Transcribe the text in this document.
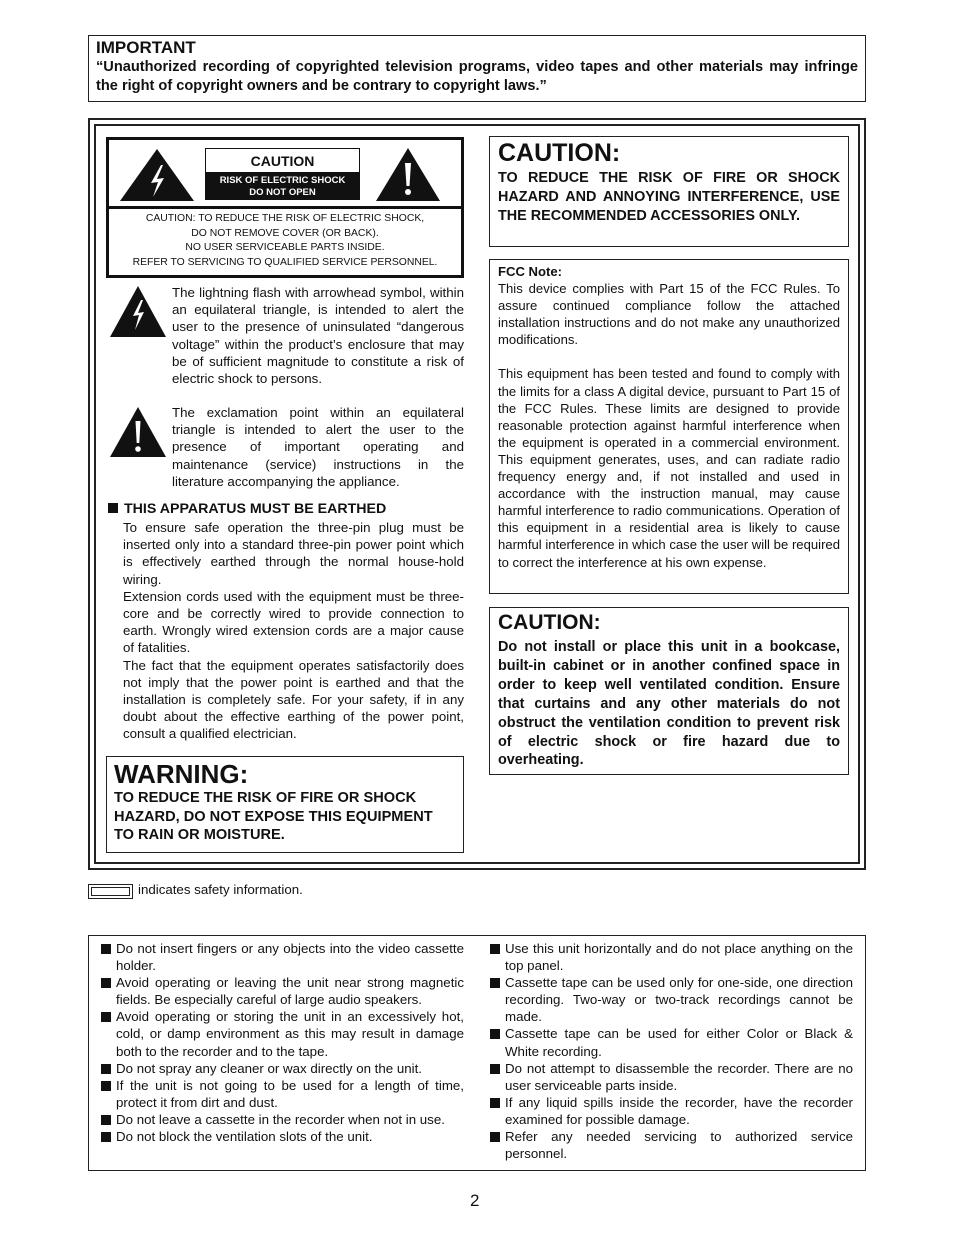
IMPORTANT
“Unauthorized recording of copyrighted television programs, video tapes and other materials may infringe the right of copyright owners and be contrary to copyright laws.”
CAUTION
RISK OF ELECTRIC SHOCK
DO NOT OPEN
CAUTION: TO REDUCE THE RISK OF ELECTRIC SHOCK,
DO NOT REMOVE COVER (OR BACK).
NO USER SERVICEABLE PARTS INSIDE.
REFER TO SERVICING TO QUALIFIED SERVICE PERSONNEL.
The lightning flash with arrowhead symbol, within an equilateral triangle, is intended to alert the user to the presence of uninsulated “dangerous voltage” within the product’s enclosure that may be of sufficient magnitude to constitute a risk of electric shock to persons.
The exclamation point within an equilateral triangle is intended to alert the user to the presence of important operating and maintenance (service) instructions in the literature accompanying the appliance.
THIS APPARATUS MUST BE EARTHED

To ensure safe operation the three-pin plug must be inserted only into a standard three-pin power point which is effectively earthed through the normal house-hold wiring.

Extension cords used with the equipment must be three-core and be correctly wired to provide connection to earth. Wrongly wired extension cords are a major cause of fatalities.

The fact that the equipment operates satisfactorily does not imply that the power point is earthed and that the installation is completely safe. For your safety, if in any doubt about the effective earthing of the power point, consult a qualified electrician.

WARNING:
TO REDUCE THE RISK OF FIRE OR SHOCK HAZARD, DO NOT EXPOSE THIS EQUIPMENT TO RAIN OR MOISTURE.
CAUTION:
TO REDUCE THE RISK OF FIRE OR SHOCK HAZARD AND ANNOYING INTERFERENCE, USE THE RECOMMENDED ACCESSORIES ONLY.
FCC Note:

This device complies with Part 15 of the FCC Rules. To assure continued compliance follow the attached installation instructions and do not make any unauthorized modifications.

This equipment has been tested and found to comply with the limits for a class A digital device, pursuant to Part 15 of the FCC Rules. These limits are designed to provide reasonable protection against harmful interference when the equipment is operated in a commercial environment. This equipment generates, uses, and can radiate radio frequency energy and, if not installed and used in accordance with the instruction manual, may cause harmful interference to radio communications. Operation of this equipment in a residential area is likely to cause harmful interference in which case the user will be required to correct the interference at his own expense.

CAUTION:
Do not install or place this unit in a bookcase, built-in cabinet or in another confined space in order to keep well ventilated condition. Ensure that curtains and any other materials do not obstruct the ventilation condition to prevent risk of electric shock or fire hazard due to overheating.
indicates safety information.
Do not insert fingers or any objects into the video cassette holder.
Avoid operating or leaving the unit near strong magnetic fields. Be especially careful of large audio speakers.
Avoid operating or storing the unit in an excessively hot, cold, or damp environment as this may result in damage both to the recorder and to the tape.
Do not spray any cleaner or wax directly on the unit.
If the unit is not going to be used for a length of time, protect it from dirt and dust.
Do not leave a cassette in the recorder when not in use.
Do not block the ventilation slots of the unit.
Use this unit horizontally and do not place anything on the top panel.
Cassette tape can be used only for one-side, one direction recording. Two-way or two-track recordings cannot be made.
Cassette tape can be used for either Color or Black & White recording.
Do not attempt to disassemble the recorder. There are no user serviceable parts inside.
If any liquid spills inside the recorder, have the recorder examined for possible damage.
Refer any needed servicing to authorized service personnel.
2
